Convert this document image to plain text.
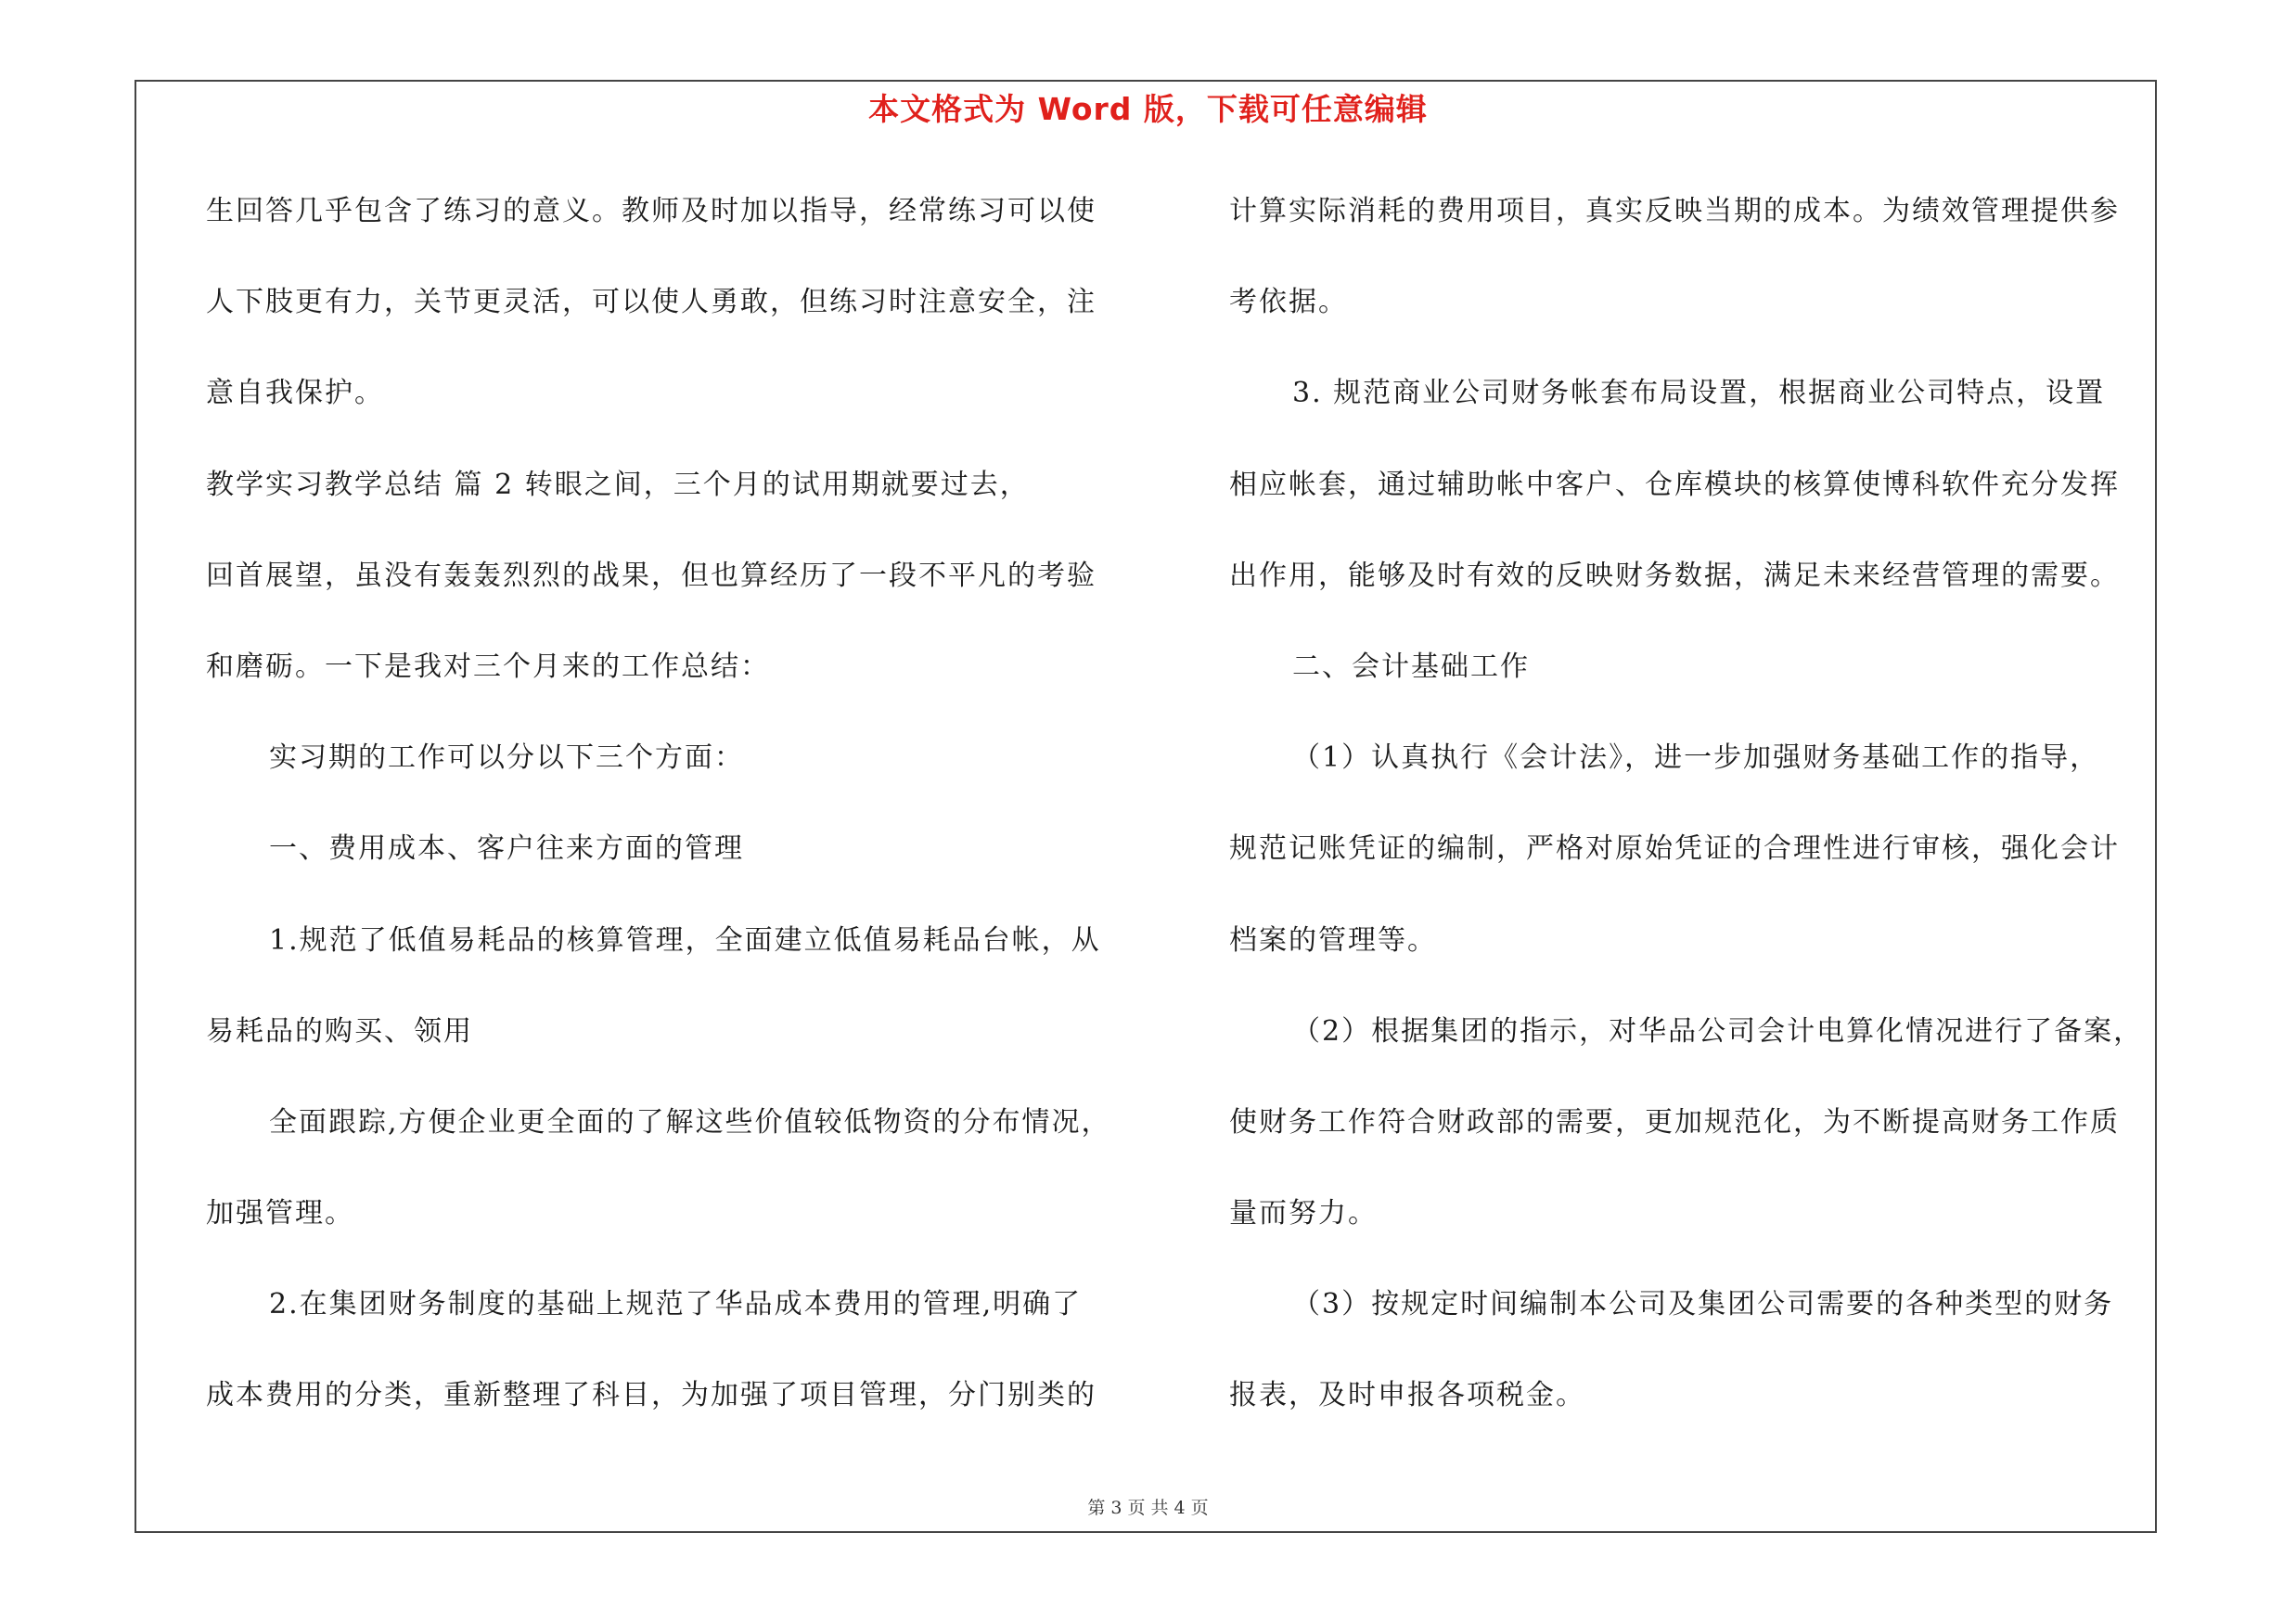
本文格式为 Word 版，下载可任意编辑
生回答几乎包含了练习的意义。教师及时加以指导，经常练习可以使
人下肢更有力，关节更灵活，可以使人勇敢，但练习时注意安全，注
意自我保护。
教学实习教学总结 篇 2 转眼之间，三个月的试用期就要过去，
回首展望，虽没有轰轰烈烈的战果，但也算经历了一段不平凡的考验
和磨砺。一下是我对三个月来的工作总结：
实习期的工作可以分以下三个方面：
一、费用成本、客户往来方面的管理
1.规范了低值易耗品的核算管理，全面建立低值易耗品台帐，从
易耗品的购买、领用
全面跟踪,方便企业更全面的了解这些价值较低物资的分布情况，
加强管理。
2.在集团财务制度的基础上规范了华品成本费用的管理,明确了
成本费用的分类，重新整理了科目，为加强了项目管理，分门别类的
计算实际消耗的费用项目，真实反映当期的成本。为绩效管理提供参
考依据。
3. 规范商业公司财务帐套布局设置，根据商业公司特点，设置
相应帐套，通过辅助帐中客户、仓库模块的核算使博科软件充分发挥
出作用，能够及时有效的反映财务数据，满足未来经营管理的需要。
二、会计基础工作
（1）认真执行《会计法》，进一步加强财务基础工作的指导，
规范记账凭证的编制，严格对原始凭证的合理性进行审核，强化会计
档案的管理等。
（2）根据集团的指示，对华品公司会计电算化情况进行了备案，
使财务工作符合财政部的需要，更加规范化，为不断提高财务工作质
量而努力。
（3）按规定时间编制本公司及集团公司需要的各种类型的财务
报表，及时申报各项税金。
第 3 页 共 4 页
